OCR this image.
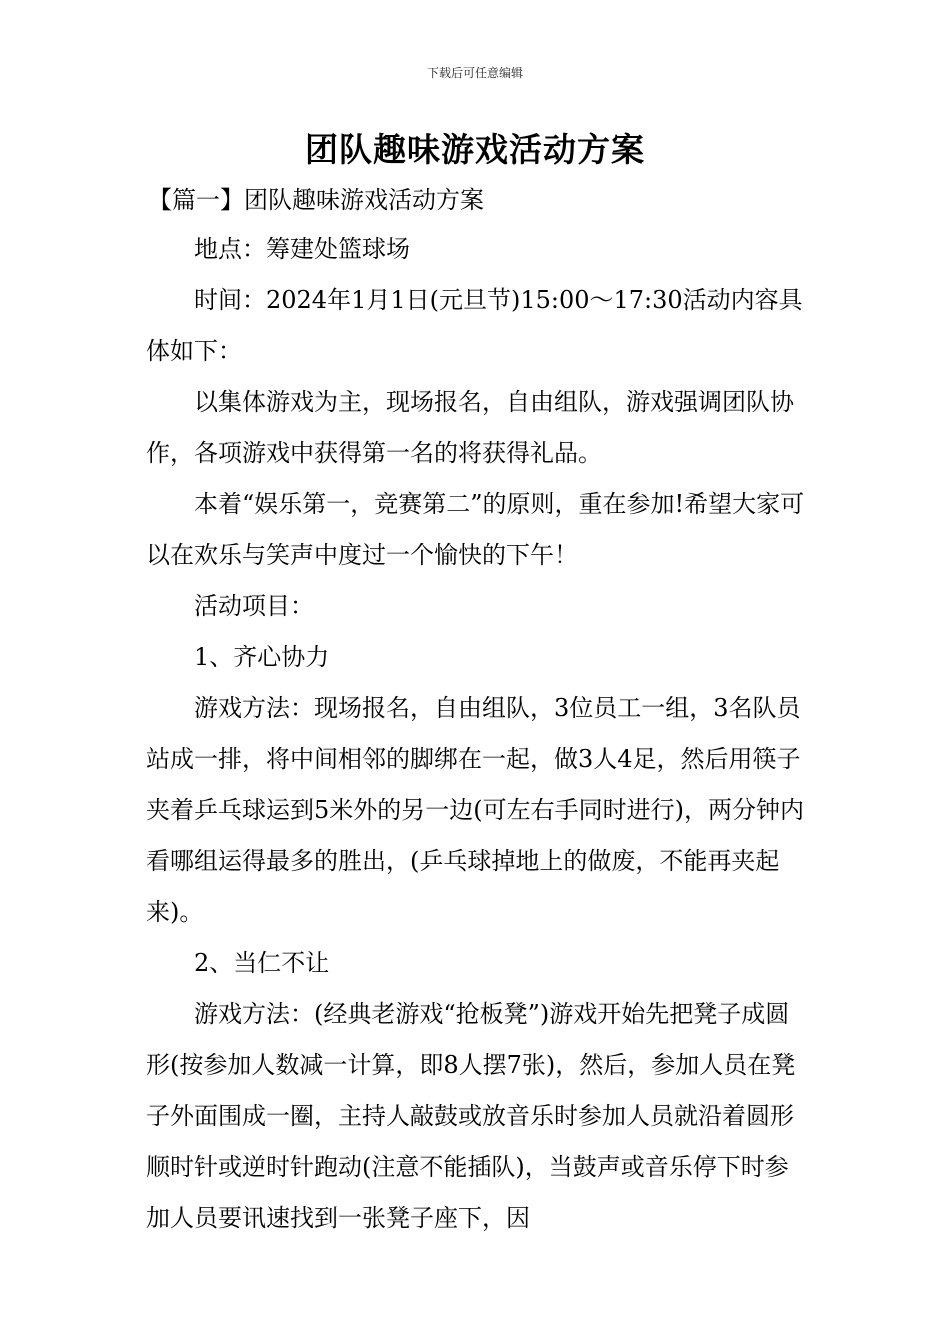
下载后可任意编辑
团队趣味游戏活动方案
【篇一】团队趣味游戏活动方案

地点：筹建处篮球场

时间：2024年1月1日(元旦节)15:00～17:30活动内容具体如下：

以集体游戏为主，现场报名，自由组队，游戏强调团队协作，各项游戏中获得第一名的将获得礼品。

本着“娱乐第一，竞赛第二”的原则，重在参加!希望大家可以在欢乐与笑声中度过一个愉快的下午！

活动项目：

1、齐心协力

游戏方法：现场报名，自由组队，3位员工一组，3名队员站成一排，将中间相邻的脚绑在一起，做3人4足，然后用筷子夹着乒乓球运到5米外的另一边(可左右手同时进行)，两分钟内看哪组运得最多的胜出，(乒乓球掉地上的做废，不能再夹起来)。

2、当仁不让

游戏方法：(经典老游戏“抢板凳”)游戏开始先把凳子成圆形(按参加人数减一计算，即8人摆7张)，然后，参加人员在凳子外面围成一圈，主持人敲鼓或放音乐时参加人员就沿着圆形顺时针或逆时针跑动(注意不能插队)，当鼓声或音乐停下时参加人员要讯速找到一张凳子座下，因
